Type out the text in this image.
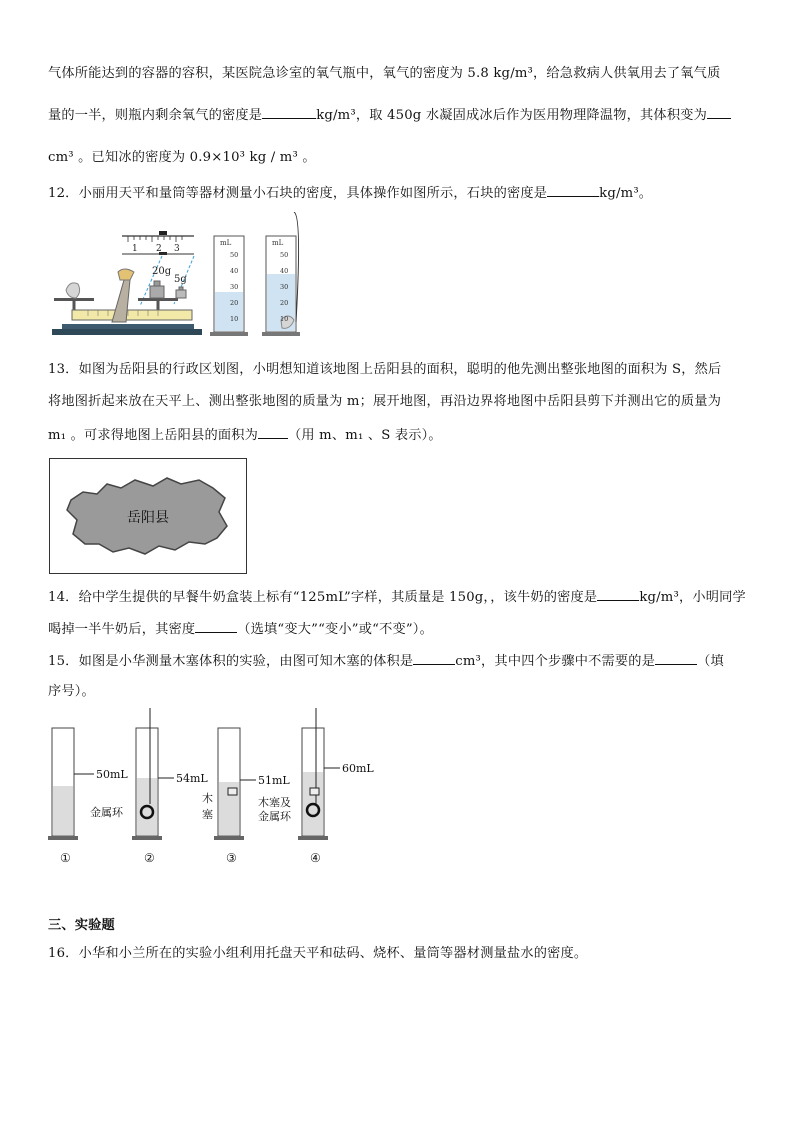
气体所能达到的容器的容积，某医院急诊室的氧气瓶中，氧气的密度为 5.8 kg/m³，给急救病人供氧用去了氧气质
量的一半，则瓶内剩余氧气的密度是	kg/m³，取 450g 水凝固成冰后作为医用物理降温物，其体积变为
cm³ 。已知冰的密度为 0.9×10³ kg / m³ 。
12．小丽用天平和量筒等器材测量小石块的密度，具体操作如图所示，石块的密度是	kg/m³。
1 2 3
20g
5g
mL
50
40
30
20
10
mL
50
40
30
20
10
13．如图为岳阳县的行政区划图，小明想知道该地图上岳阳县的面积，聪明的他先测出整张地图的面积为 S，然后
将地图折起来放在天平上、测出整张地图的质量为 m；展开地图，再沿边界将地图中岳阳县剪下并测出它的质量为
m₁ 。可求得地图上岳阳县的面积为 （用 m、m₁ 、S 表示）。
岳阳县
14．给中学生提供的早餐牛奶盒装上标有“125mL”字样，其质量是 150g，，该牛奶的密度是	kg/m³，小明同学
喝掉一半牛奶后，其密度	（选填“变大”“变小”或“不变”）。
15．如图是小华测量木塞体积的实验，由图可知木塞的体积是	cm³，其中四个步骤中不需要的是	（填
序号）。
50mL
①
54mL
金属环
②
51mL
木
塞
③
60mL
木塞及
金属环
④
三、实验题
16．小华和小兰所在的实验小组利用托盘天平和砝码、烧杯、量筒等器材测量盐水的密度。
